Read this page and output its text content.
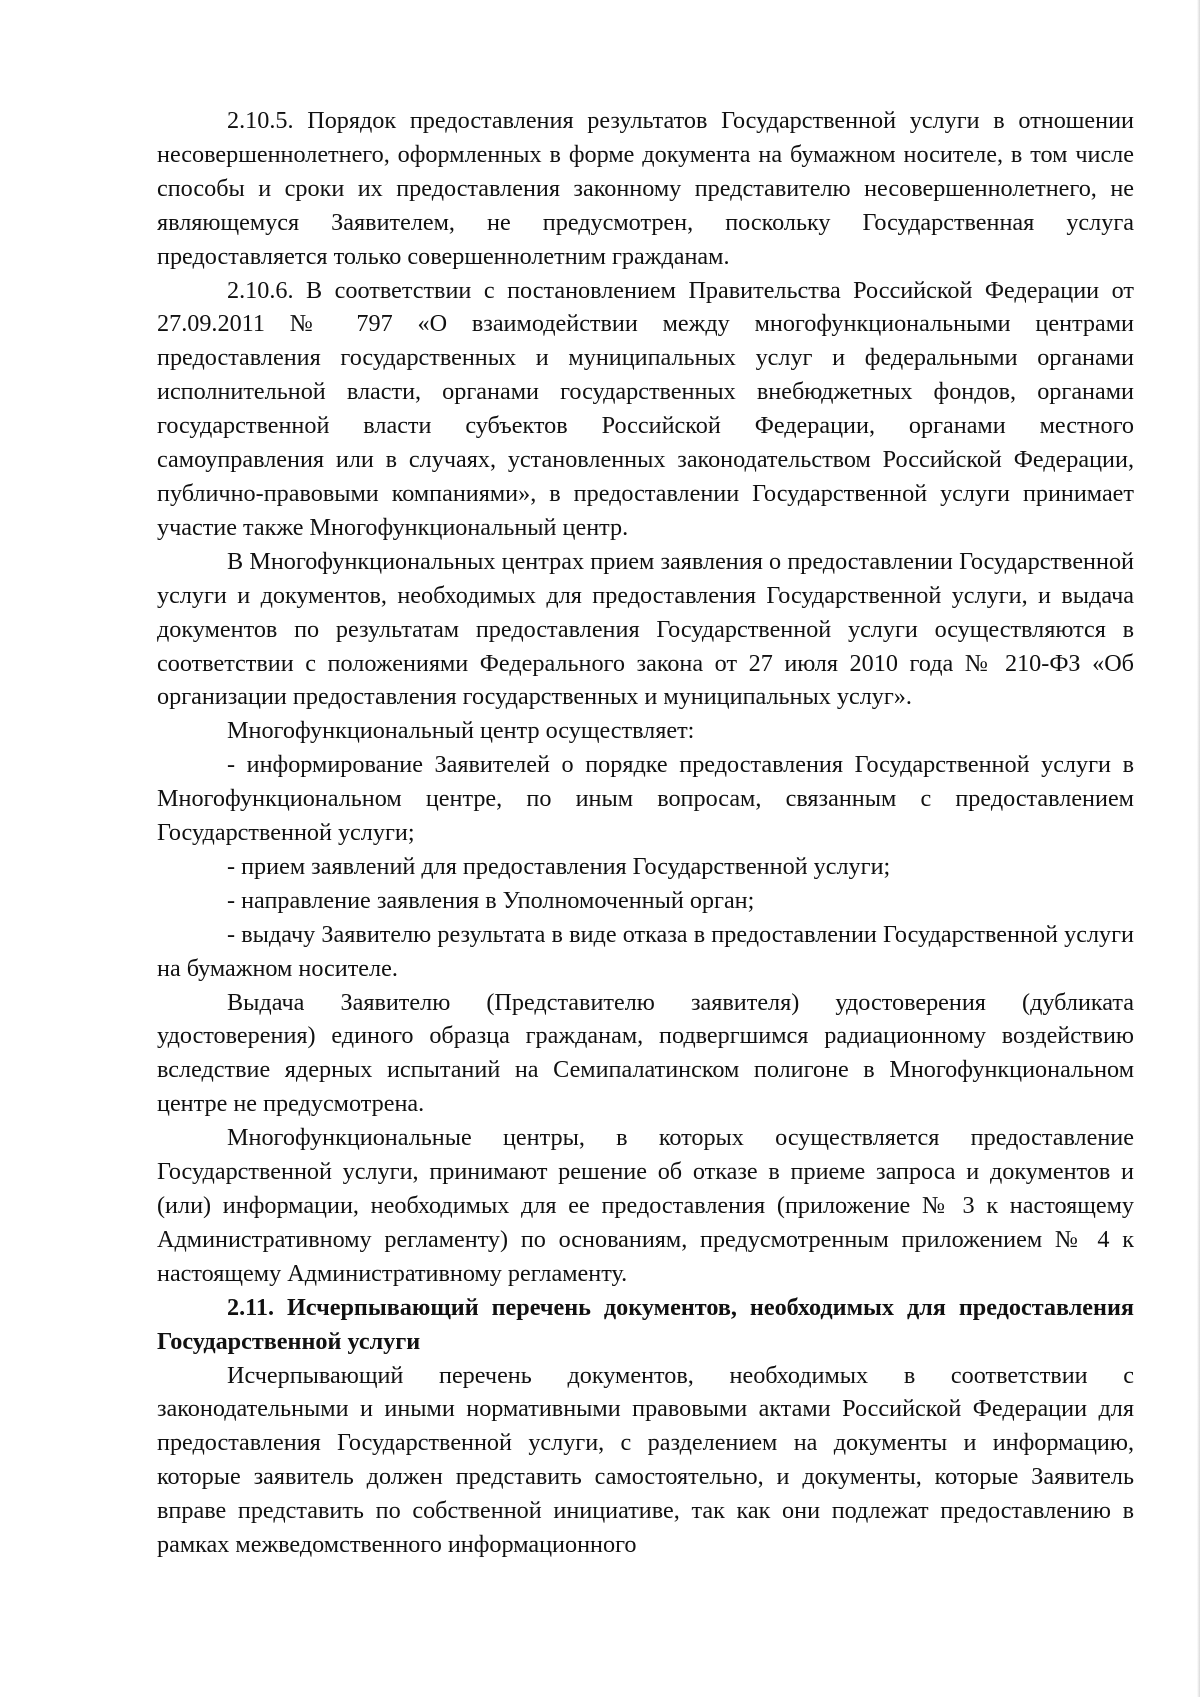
2.10.5. Порядок предоставления результатов Государственной услуги в отношении несовершеннолетнего, оформленных в форме документа на бумажном носителе, в том числе способы и сроки их предоставления законному представителю несовершеннолетнего, не являющемуся Заявителем, не предусмотрен, поскольку Государственная услуга предоставляется только совершеннолетним гражданам.

2.10.6. В соответствии с постановлением Правительства Российской Федерации от 27.09.2011 № 797 «О взаимодействии между многофункциональными центрами предоставления государственных и муниципальных услуг и федеральными органами исполнительной власти, органами государственных внебюджетных фондов, органами государственной власти субъектов Российской Федерации, органами местного самоуправления или в случаях, установленных законодательством Российской Федерации, публично-правовыми компаниями», в предоставлении Государственной услуги принимает участие также Многофункциональный центр.

В Многофункциональных центрах прием заявления о предоставлении Государственной услуги и документов, необходимых для предоставления Государственной услуги, и выдача документов по результатам предоставления Государственной услуги осуществляются в соответствии с положениями Федерального закона от 27 июля 2010 года № 210-ФЗ «Об организации предоставления государственных и муниципальных услуг».

Многофункциональный центр осуществляет:

- информирование Заявителей о порядке предоставления Государственной услуги в Многофункциональном центре, по иным вопросам, связанным с предоставлением Государственной услуги;

- прием заявлений для предоставления Государственной услуги;

- направление заявления в Уполномоченный орган;

- выдачу Заявителю результата в виде отказа в предоставлении Государственной услуги на бумажном носителе.

Выдача Заявителю (Представителю заявителя) удостоверения (дубликата удостоверения) единого образца гражданам, подвергшимся радиационному воздействию вследствие ядерных испытаний на Семипалатинском полигоне в Многофункциональном центре не предусмотрена.

Многофункциональные центры, в которых осуществляется предоставление Государственной услуги, принимают решение об отказе в приеме запроса и документов и (или) информации, необходимых для ее предоставления (приложение № 3 к настоящему Административному регламенту) по основаниям, предусмотренным приложением № 4 к настоящему Административному регламенту.

2.11. Исчерпывающий перечень документов, необходимых для предоставления Государственной услуги

Исчерпывающий перечень документов, необходимых в соответствии с законодательными и иными нормативными правовыми актами Российской Федерации для предоставления Государственной услуги, с разделением на документы и информацию, которые заявитель должен представить самостоятельно, и документы, которые Заявитель вправе представить по собственной инициативе, так как они подлежат предоставлению в рамках межведомственного информационного
